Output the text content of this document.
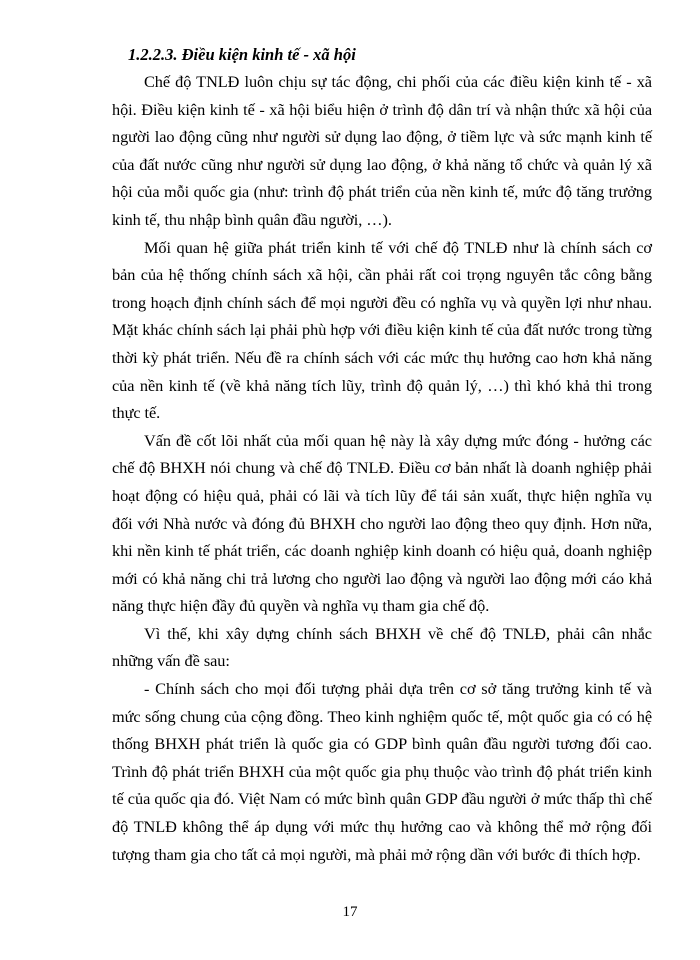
1.2.2.3. Điều kiện kinh tế - xã hội

Chế độ TNLĐ luôn chịu sự tác động, chi phối của các điều kiện kinh tế - xã hội. Điều kiện kinh tế - xã hội biểu hiện ở trình độ dân trí và nhận thức xã hội của người lao động cũng như người sử dụng lao động, ở tiềm lực và sức mạnh kinh tế của đất nước cũng như người sử dụng lao động, ở khả năng tổ chức và quản lý xã hội của mỗi quốc gia (như: trình độ phát triển của nền kinh tế, mức độ tăng trưởng kinh tế, thu nhập bình quân đầu người, …).

Mối quan hệ giữa phát triển kinh tế với chế độ TNLĐ như là chính sách cơ bản của hệ thống chính sách xã hội, cần phải rất coi trọng nguyên tắc công bằng trong hoạch định chính sách để mọi người đều có nghĩa vụ và quyền lợi như nhau. Mặt khác chính sách lại phải phù hợp với điều kiện kinh tế của đất nước trong từng thời kỳ phát triển. Nếu đề ra chính sách với các mức thụ hưởng cao hơn khả năng của nền kinh tế (về khả năng tích lũy, trình độ quản lý, …) thì khó khả thi trong thực tế.

Vấn đề cốt lõi nhất của mối quan hệ này là xây dựng mức đóng - hưởng các chế độ BHXH nói chung và chế độ TNLĐ. Điều cơ bản nhất là doanh nghiệp phải hoạt động có hiệu quả, phải có lãi và tích lũy để tái sản xuất, thực hiện nghĩa vụ đối với Nhà nước và đóng đủ BHXH cho người lao động theo quy định. Hơn nữa, khi nền kinh tế phát triển, các doanh nghiệp kinh doanh có hiệu quả, doanh nghiệp mới có khả năng chi trả lương cho người lao động và người lao động mới cáo khả năng thực hiện đầy đủ quyền và nghĩa vụ tham gia chế độ.

Vì thế, khi xây dựng chính sách BHXH về chế độ TNLĐ, phải cân nhắc những vấn đề sau:

- Chính sách cho mọi đối tượng phải dựa trên cơ sở tăng trưởng kinh tế và mức sống chung của cộng đồng. Theo kinh nghiệm quốc tế, một quốc gia có có hệ thống BHXH phát triển là quốc gia có GDP bình quân đầu người tương đối cao. Trình độ phát triển BHXH của một quốc gia phụ thuộc vào trình độ phát triển kinh tế của quốc qia đó. Việt Nam có mức bình quân GDP đầu người ở mức thấp thì chế độ TNLĐ không thể áp dụng với mức thụ hưởng cao và không thể mở rộng đối tượng tham gia cho tất cả mọi người, mà phải mở rộng dần với bước đi thích hợp.

17
